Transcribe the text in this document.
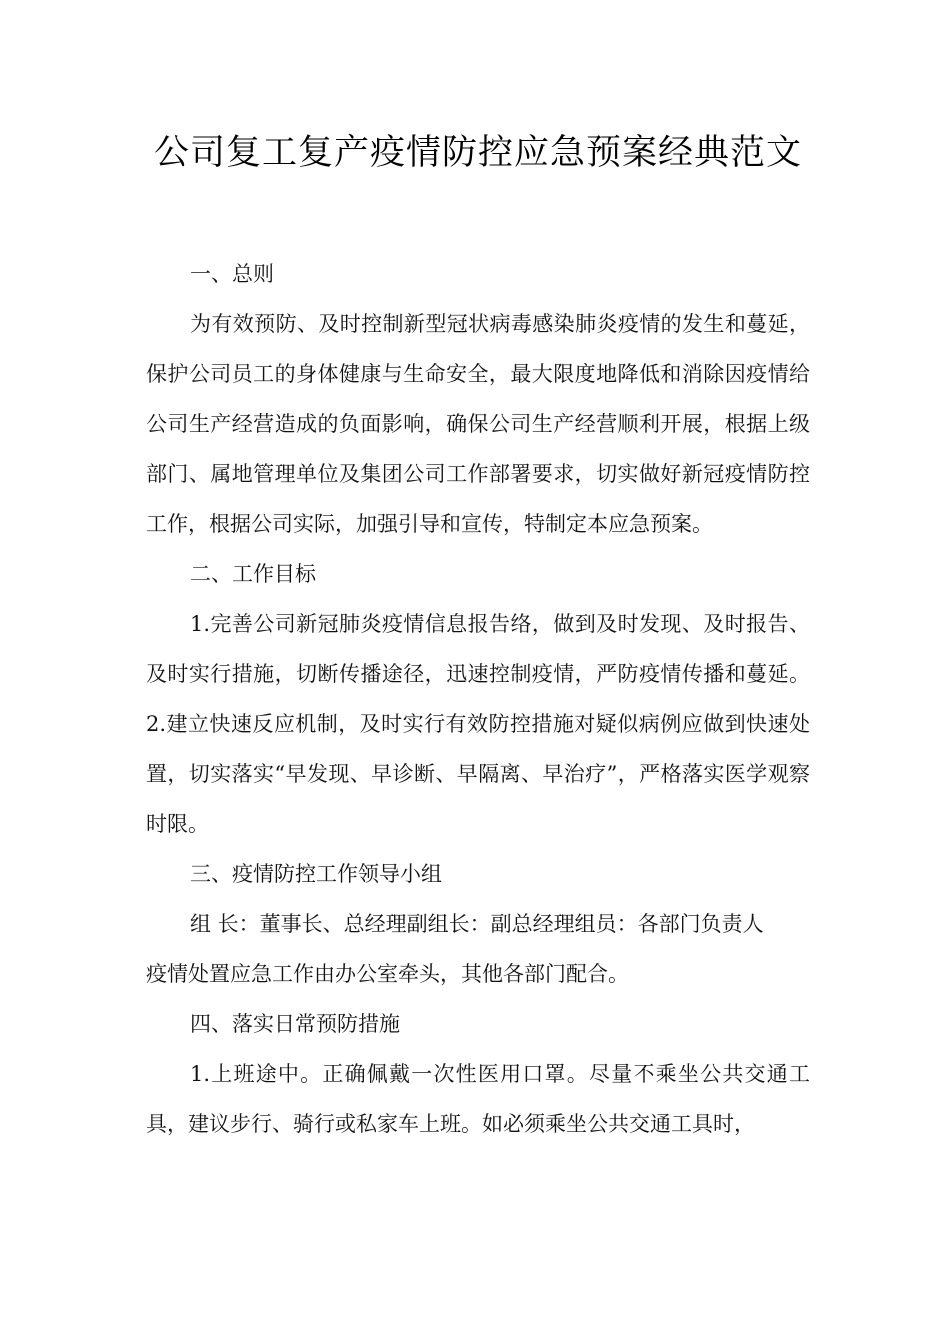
公司复工复产疫情防控应急预案经典范文

一、总则

为有效预防、及时控制新型冠状病毒感染肺炎疫情的发生和蔓延，保护公司员工的身体健康与生命安全，最大限度地降低和消除因疫情给公司生产经营造成的负面影响，确保公司生产经营顺利开展，根据上级部门、属地管理单位及集团公司工作部署要求，切实做好新冠疫情防控工作，根据公司实际，加强引导和宣传，特制定本应急预案。

二、工作目标

1.完善公司新冠肺炎疫情信息报告络，做到及时发现、及时报告、及时实行措施，切断传播途径，迅速控制疫情，严防疫情传播和蔓延。2.建立快速反应机制，及时实行有效防控措施对疑似病例应做到快速处置，切实落实“早发现、早诊断、早隔离、早治疗”，严格落实医学观察时限。

三、疫情防控工作领导小组

组 长：董事长、总经理副组长：副总经理组员：各部门负责人

疫情处置应急工作由办公室牵头，其他各部门配合。

四、落实日常预防措施

1.上班途中。正确佩戴一次性医用口罩。尽量不乘坐公共交通工具，建议步行、骑行或私家车上班。如必须乘坐公共交通工具时，
